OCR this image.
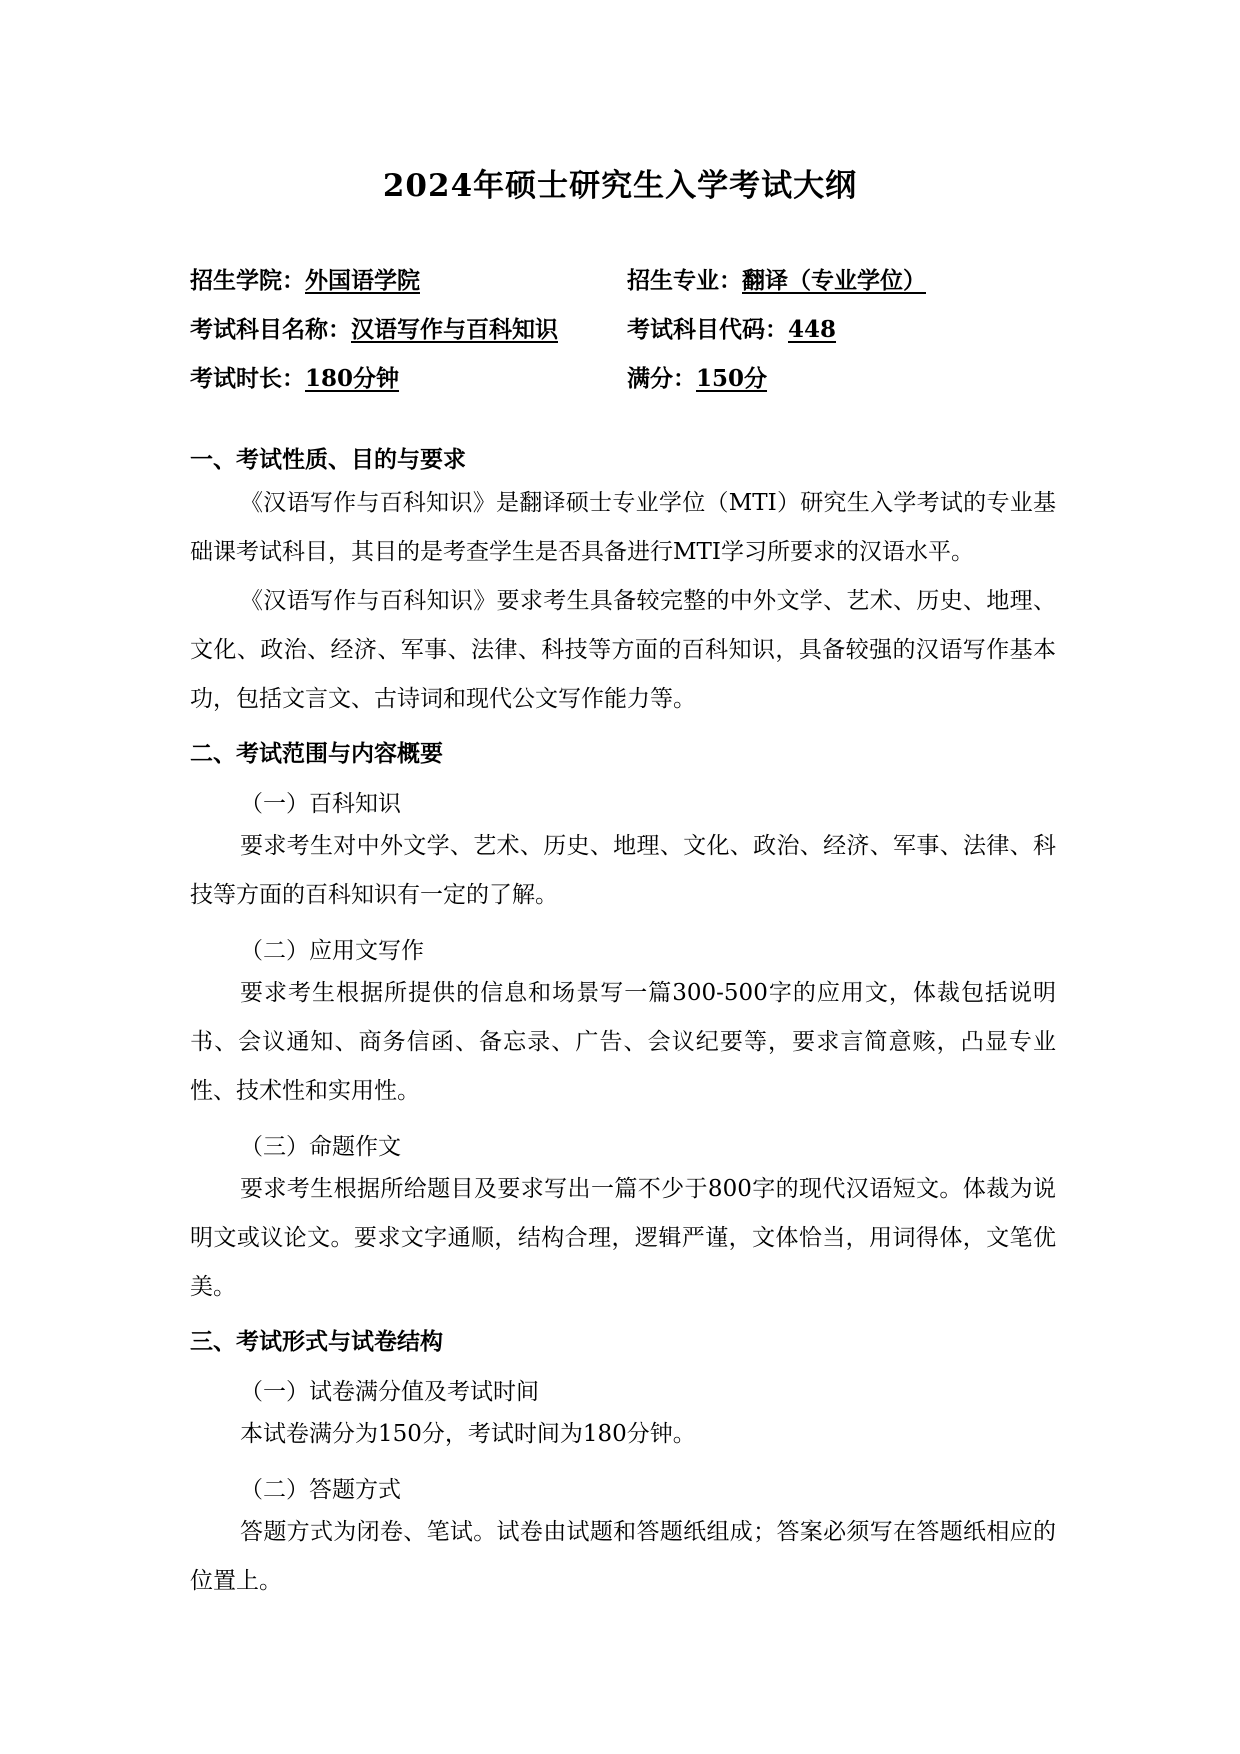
2024年硕士研究生入学考试大纲
招生学院：外国语学院	招生专业：翻译（专业学位）
考试科目名称：汉语写作与百科知识	考试科目代码：448
考试时长：180分钟	满分：150分
一、考试性质、目的与要求

《汉语写作与百科知识》是翻译硕士专业学位（MTI）研究生入学考试的专业基础课考试科目，其目的是考查学生是否具备进行MTI学习所要求的汉语水平。

《汉语写作与百科知识》要求考生具备较完整的中外文学、艺术、历史、地理、文化、政治、经济、军事、法律、科技等方面的百科知识，具备较强的汉语写作基本功，包括文言文、古诗词和现代公文写作能力等。

二、考试范围与内容概要
（一）百科知识

要求考生对中外文学、艺术、历史、地理、文化、政治、经济、军事、法律、科技等方面的百科知识有一定的了解。

（二）应用文写作

要求考生根据所提供的信息和场景写一篇300-500字的应用文，体裁包括说明书、会议通知、商务信函、备忘录、广告、会议纪要等，要求言简意赅，凸显专业性、技术性和实用性。

（三）命题作文

要求考生根据所给题目及要求写出一篇不少于800字的现代汉语短文。体裁为说明文或议论文。要求文字通顺，结构合理，逻辑严谨，文体恰当，用词得体，文笔优美。

三、考试形式与试卷结构
（一）试卷满分值及考试时间

本试卷满分为150分，考试时间为180分钟。

（二）答题方式

答题方式为闭卷、笔试。试卷由试题和答题纸组成；答案必须写在答题纸相应的位置上。
